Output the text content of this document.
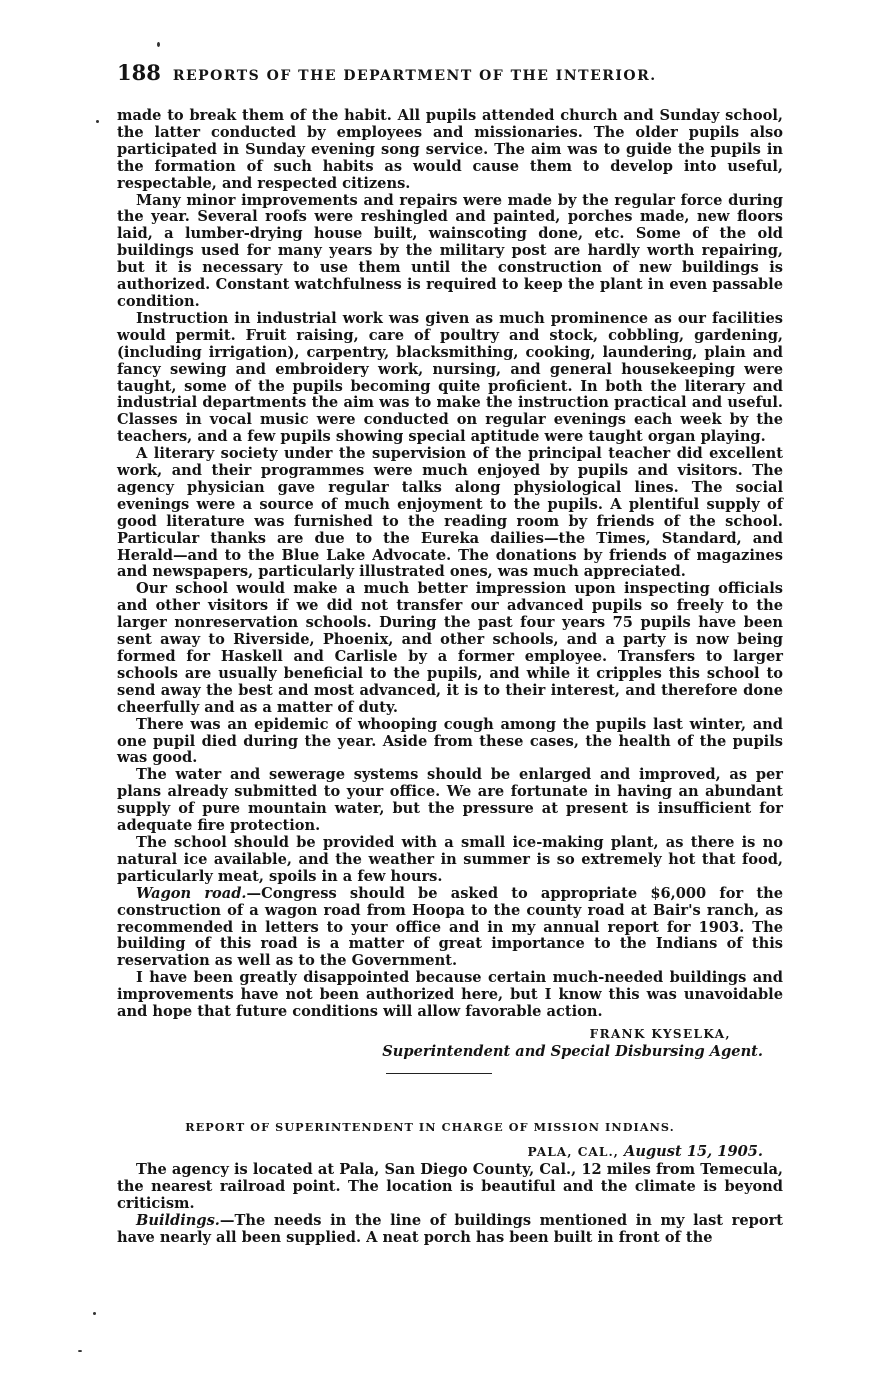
188 REPORTS OF THE DEPARTMENT OF THE INTERIOR.

made to break them of the habit. All pupils attended church and Sunday school, the latter conducted by employees and missionaries. The older pupils also participated in Sunday evening song service. The aim was to guide the pupils in the formation of such habits as would cause them to develop into useful, respectable, and respected citizens.

Many minor improvements and repairs were made by the regular force during the year. Several roofs were reshingled and painted, porches made, new floors laid, a lumber-drying house built, wainscoting done, etc. Some of the old buildings used for many years by the military post are hardly worth repairing, but it is necessary to use them until the construction of new buildings is authorized. Constant watchfulness is required to keep the plant in even passable condition.

Instruction in industrial work was given as much prominence as our facilities would permit. Fruit raising, care of poultry and stock, cobbling, gardening, (including irrigation), carpentry, blacksmithing, cooking, laundering, plain and fancy sewing and embroidery work, nursing, and general housekeeping were taught, some of the pupils becoming quite proficient. In both the literary and industrial departments the aim was to make the instruction practical and useful. Classes in vocal music were conducted on regular evenings each week by the teachers, and a few pupils showing special aptitude were taught organ playing.

A literary society under the supervision of the principal teacher did excellent work, and their programmes were much enjoyed by pupils and visitors. The agency physician gave regular talks along physiological lines. The social evenings were a source of much enjoyment to the pupils. A plentiful supply of good literature was furnished to the reading room by friends of the school. Particular thanks are due to the Eureka dailies—the Times, Standard, and Herald—and to the Blue Lake Advocate. The donations by friends of magazines and newspapers, particularly illustrated ones, was much appreciated.

Our school would make a much better impression upon inspecting officials and other visitors if we did not transfer our advanced pupils so freely to the larger nonreservation schools. During the past four years 75 pupils have been sent away to Riverside, Phoenix, and other schools, and a party is now being formed for Haskell and Carlisle by a former employee. Transfers to larger schools are usually beneficial to the pupils, and while it cripples this school to send away the best and most advanced, it is to their interest, and therefore done cheerfully and as a matter of duty.

There was an epidemic of whooping cough among the pupils last winter, and one pupil died during the year. Aside from these cases, the health of the pupils was good.

The water and sewerage systems should be enlarged and improved, as per plans already submitted to your office. We are fortunate in having an abundant supply of pure mountain water, but the pressure at present is insufficient for adequate fire protection.

The school should be provided with a small ice-making plant, as there is no natural ice available, and the weather in summer is so extremely hot that food, particularly meat, spoils in a few hours.

Wagon road.—Congress should be asked to appropriate $6,000 for the construction of a wagon road from Hoopa to the county road at Bair's ranch, as recommended in letters to your office and in my annual report for 1903. The building of this road is a matter of great importance to the Indians of this reservation as well as to the Government.

I have been greatly disappointed because certain much-needed buildings and improvements have not been authorized here, but I know this was unavoidable and hope that future conditions will allow favorable action.

FRANK KYSELKA,
Superintendent and Special Disbursing Agent.
REPORT OF SUPERINTENDENT IN CHARGE OF MISSION INDIANS.
PALA, CAL., August 15, 1905.

The agency is located at Pala, San Diego County, Cal., 12 miles from Temecula, the nearest railroad point. The location is beautiful and the climate is beyond criticism.

Buildings.—The needs in the line of buildings mentioned in my last report have nearly all been supplied. A neat porch has been built in front of the
